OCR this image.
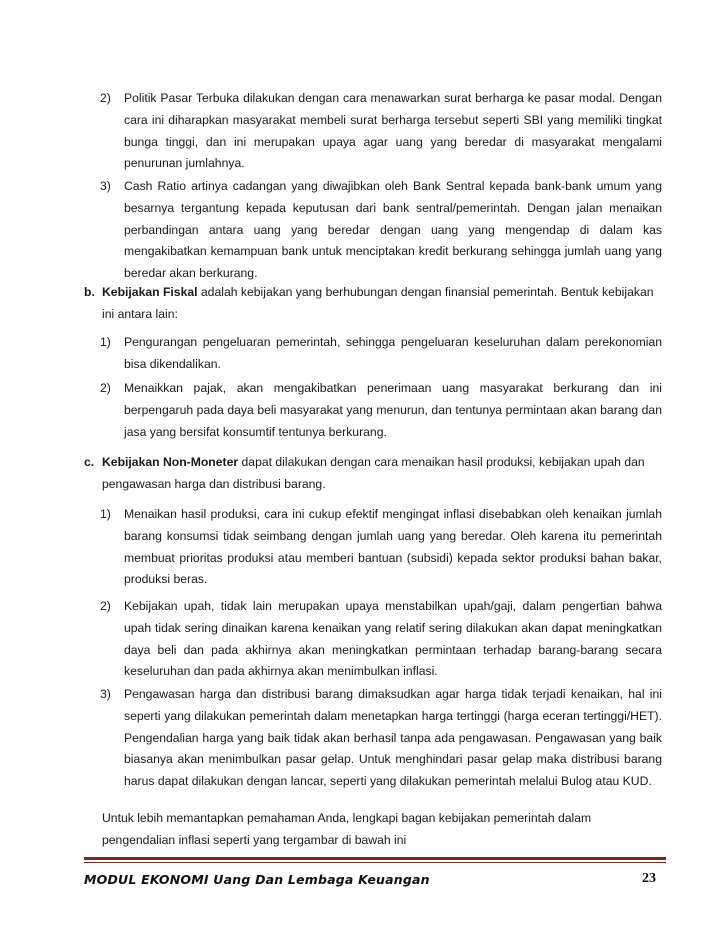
2)	Politik Pasar Terbuka dilakukan dengan cara menawarkan surat berharga ke pasar modal. Dengan cara ini diharapkan masyarakat membeli surat berharga tersebut seperti SBI yang memiliki tingkat bunga tinggi, dan ini merupakan upaya agar uang yang beredar di masyarakat mengalami penurunan jumlahnya.
3)	Cash Ratio artinya cadangan yang diwajibkan oleh Bank Sentral kepada bank-bank umum yang besarnya tergantung kepada keputusan dari bank sentral/pemerintah. Dengan jalan menaikan perbandingan antara uang yang beredar dengan uang yang mengendap di dalam kas mengakibatkan kemampuan bank untuk menciptakan kredit berkurang sehingga jumlah uang yang beredar akan berkurang.
b. Kebijakan Fiskal adalah kebijakan yang berhubungan dengan finansial pemerintah. Bentuk kebijakan ini antara lain:
1)	Pengurangan pengeluaran pemerintah, sehingga pengeluaran keseluruhan dalam perekonomian bisa dikendalikan.
2)	Menaikkan pajak, akan mengakibatkan penerimaan uang masyarakat berkurang dan ini berpengaruh pada daya beli masyarakat yang menurun, dan tentunya permintaan akan barang dan jasa yang bersifat konsumtif tentunya berkurang.
c. Kebijakan Non-Moneter dapat dilakukan dengan cara menaikan hasil produksi, kebijakan upah dan pengawasan harga dan distribusi barang.
1)	Menaikan hasil produksi, cara ini cukup efektif mengingat inflasi disebabkan oleh kenaikan jumlah barang konsumsi tidak seimbang dengan jumlah uang yang beredar. Oleh karena itu pemerintah membuat prioritas produksi atau memberi bantuan (subsidi) kepada sektor produksi bahan bakar, produksi beras.
2)	Kebijakan upah, tidak lain merupakan upaya menstabilkan upah/gaji, dalam pengertian bahwa upah tidak sering dinaikan karena kenaikan yang relatif sering dilakukan akan dapat meningkatkan daya beli dan pada akhirnya akan meningkatkan permintaan terhadap barang-barang secara keseluruhan dan pada akhirnya akan menimbulkan inflasi.
3)	Pengawasan harga dan distribusi barang dimaksudkan agar harga tidak terjadi kenaikan, hal ini seperti yang dilakukan pemerintah dalam menetapkan harga tertinggi (harga eceran tertinggi/HET). Pengendalian harga yang baik tidak akan berhasil tanpa ada pengawasan. Pengawasan yang baik biasanya akan menimbulkan pasar gelap. Untuk menghindari pasar gelap maka distribusi barang harus dapat dilakukan dengan lancar, seperti yang dilakukan pemerintah melalui Bulog atau KUD.
Untuk lebih memantapkan pemahaman Anda, lengkapi bagan kebijakan pemerintah dalam pengendalian inflasi seperti yang tergambar di bawah ini
MODUL EKONOMI Uang Dan Lembaga Keuangan	23
